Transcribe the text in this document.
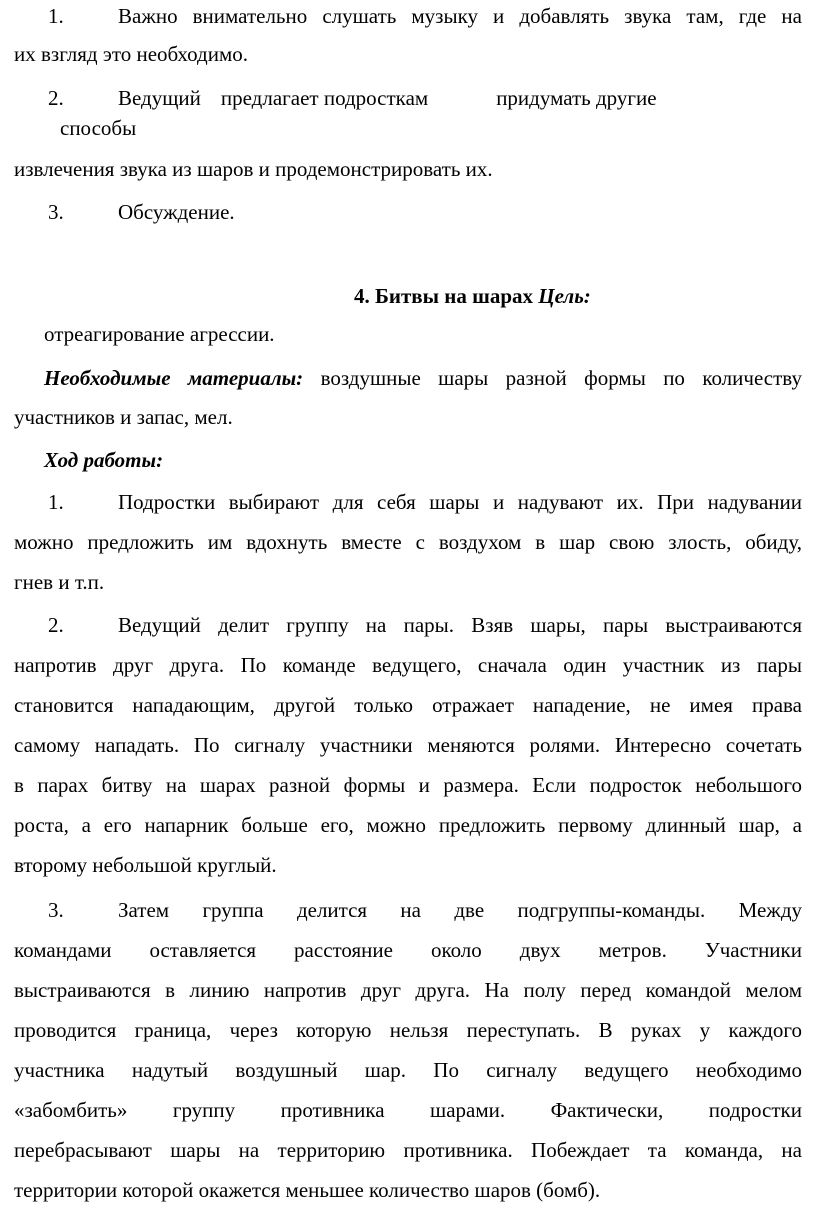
1.	Важно внимательно слушать музыку и добавлять звука там, где на
их взгляд это необходимо.
2.	Ведущий предлагает подросткам	придумать другие
способы
извлечения звука из шаров и продемонстрировать их.
3.	Обсуждение.
4. Битвы на шарах Цель:
отреагирование агрессии.
Необходимые материалы: воздушные шары разной формы по количеству
участников и запас, мел.
Ход работы:
1.	Подростки выбирают для себя шары и надувают их. При надувании
можно предложить им вдохнуть вместе с воздухом в шар свою злость, обиду,
гнев и т.п.
2.	Ведущий делит группу на пары. Взяв шары, пары выстраиваются
напротив друг друга. По команде ведущего, сначала один участник из пары
становится нападающим, другой только отражает нападение, не имея права
самому нападать. По сигналу участники меняются ролями. Интересно сочетать
в парах битву на шарах разной формы и размера. Если подросток небольшого
роста, а его напарник больше его, можно предложить первому длинный шар, а
второму небольшой круглый.
3.	Затем группа делится на две подгруппы-команды. Между
командами оставляется расстояние около двух метров. Участники
выстраиваются в линию напротив друг друга. На полу перед командой мелом
проводится граница, через которую нельзя переступать. В руках у каждого
участника надутый воздушный шар. По сигналу ведущего необходимо
«забомбить» группу противника шарами. Фактически, подростки
перебрасывают шары на территорию противника. Побеждает та команда, на
территории которой окажется меньшее количество шаров (бомб).
